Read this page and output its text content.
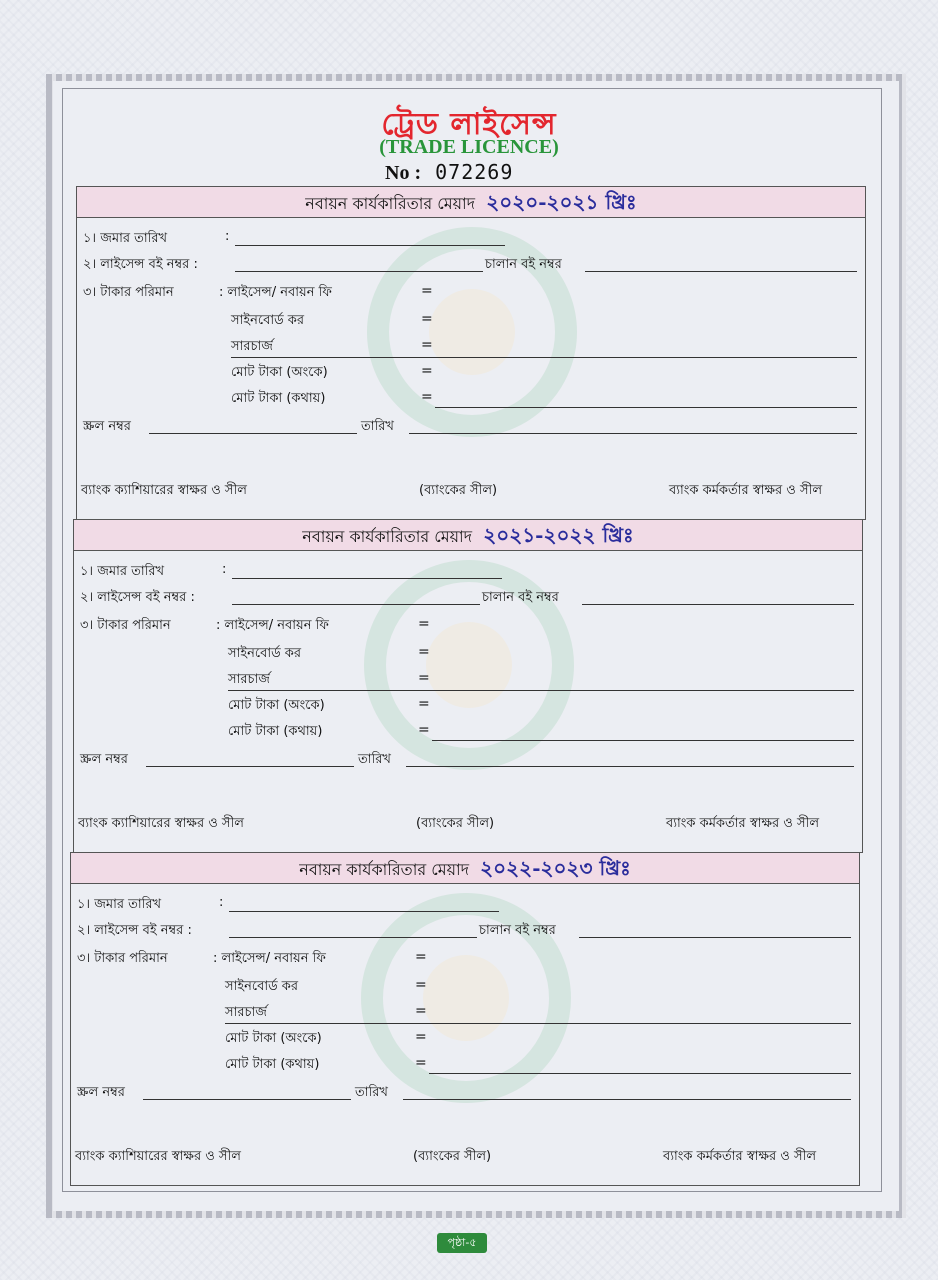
ট্রেড লাইসেন্স
(TRADE LICENCE)
No : 072269
নবায়ন কার্যকারিতার মেয়াদ ২০২০-২০২১ খ্রিঃ
১। জমার তারিখ	:
২। লাইসেন্স বই নম্বর :	চালান বই নম্বর
৩। টাকার পরিমান	: লাইসেন্স/ নবায়ন ফি	=
সাইনবোর্ড কর	=
সারচার্জ	=
মোট টাকা (অংকে)	=
মোট টাকা (কথায়)	=
স্ক্রল নম্বর	তারিখ
ব্যাংক ক্যাশিয়ারের স্বাক্ষর ও সীল	(ব্যাংকের সীল)	ব্যাংক কর্মকর্তার স্বাক্ষর ও সীল
নবায়ন কার্যকারিতার মেয়াদ ২০২১-২০২২ খ্রিঃ
১। জমার তারিখ	:
২। লাইসেন্স বই নম্বর :	চালান বই নম্বর
৩। টাকার পরিমান	: লাইসেন্স/ নবায়ন ফি	=
সাইনবোর্ড কর	=
সারচার্জ	=
মোট টাকা (অংকে)	=
মোট টাকা (কথায়)	=
স্ক্রল নম্বর	তারিখ
ব্যাংক ক্যাশিয়ারের স্বাক্ষর ও সীল	(ব্যাংকের সীল)	ব্যাংক কর্মকর্তার স্বাক্ষর ও সীল
নবায়ন কার্যকারিতার মেয়াদ ২০২২-২০২৩ খ্রিঃ
১। জমার তারিখ	:
২। লাইসেন্স বই নম্বর :	চালান বই নম্বর
৩। টাকার পরিমান	: লাইসেন্স/ নবায়ন ফি	=
সাইনবোর্ড কর	=
সারচার্জ	=
মোট টাকা (অংকে)	=
মোট টাকা (কথায়)	=
স্ক্রল নম্বর	তারিখ
ব্যাংক ক্যাশিয়ারের স্বাক্ষর ও সীল	(ব্যাংকের সীল)	ব্যাংক কর্মকর্তার স্বাক্ষর ও সীল
পৃষ্ঠা-৫
